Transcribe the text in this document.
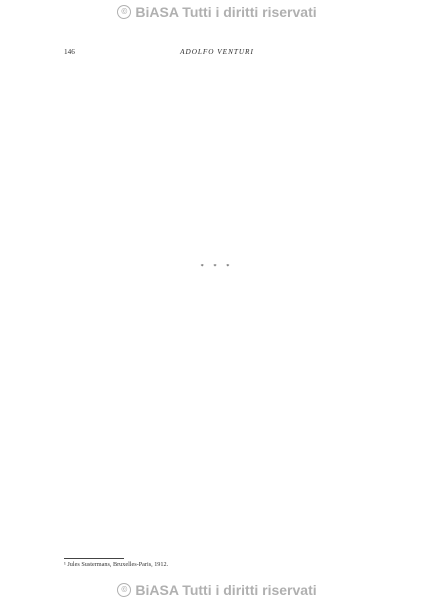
© BiASA Tutti i diritti riservati
146	ADOLFO VENTURI

* * *

¹ Jules Sustermans, Bruxelles-Paris, 1912.
© BiASA Tutti i diritti riservati
